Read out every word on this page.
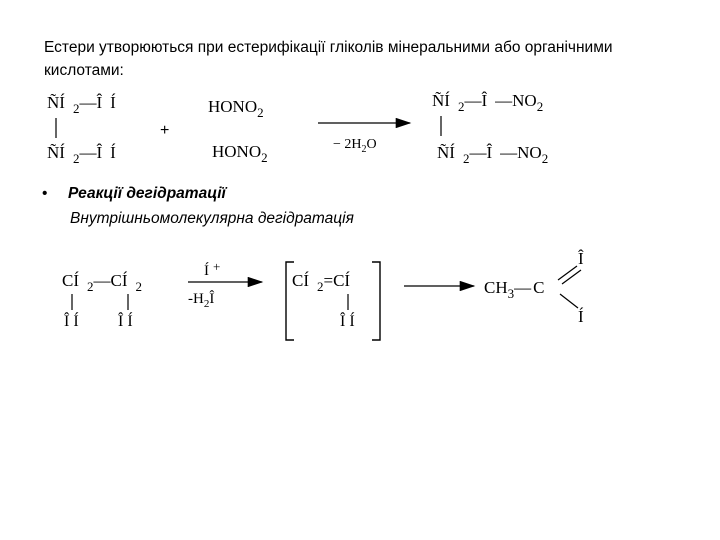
Естери утворюються при естерифікації гліколів мінеральними або органічними кислотами:
• Реакції дегідратації
Внутрішньомолекулярна дегідратація
ÑÍ $_2$—Î Í
ÑÍ $_2$—Î Í
+
$HONO_2$
$HONO_2$
− $2H_2O$
ÑÍ $_2$—Î $—NO_2$
ÑÍ $_2$—Î $—NO_2$
Î Í Î Í
Í +
$-H_2Î$
CÍ $_2$=CÍ
Î Í
$CH_3—$ C
Î
Í
CÍ $_2$—CÍ $_2$
